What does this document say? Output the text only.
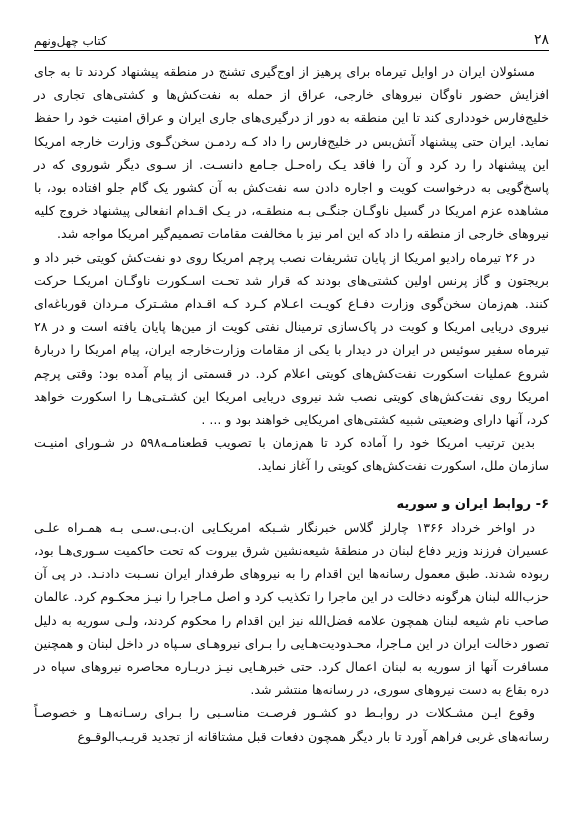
۲۸
کتاب چهل‌ونهم

مسئولان ایران در اوایل تیرماه برای پرهیز از اوج‌گیری تشنج در منطقه پیشنهاد کردند تا به جای افزایش حضور ناوگان نیروهای خارجی، عراق از حمله به نفت‌کش‌ها و کشتی‌های تجاری در خلیج‌فارس خودداری کند تا این منطقه به دور از درگیری‌های جاری ایران و عراق امنیت خود را حفظ نماید. ایران حتی پیشنهاد آتش‌بس در خلیج‌فارس را داد کـه ردمـن سخن‌گـوی وزارت خارجه امریکا این پیشنهاد را رد کرد و آن را فاقد یـک راه‌حـل جـامع دانسـت. از سـوی دیگر شوروی که در پاسخ‌گویی به درخواست کویت و اجاره دادن سه نفت‌کش به آن کشور یک گام جلو افتاده بود، با مشاهده عزم امریکا در گسیل ناوگـان جنگـی بـه منطقـه، در یـک اقـدام انفعالی پیشنهاد خروج کلیه نیروهای خارجی از منطقه را داد که این امر نیز با مخالفت مقامات تصمیم‌گیر امریکا مواجه شد.

در ۲۶ تیرماه رادیو امریکا از پایان تشریفات نصب پرچم امریکا روی دو نفت‌کش کویتی خبر داد و بریجتون و گاز پرنس اولین کشتی‌های بودند که قرار شد تحـت اسـکورت ناوگـان امریکـا حرکت کنند. هم‌زمان سخن‌گوی وزارت دفـاع کویـت اعـلام کـرد کـه اقـدام مشـترک مـردان قورباغه‌ای نیروی دریایی امریکا و کویت در پاک‌سازی ترمینال نفتی کویت از مین‌ها پایان یافته است و در ۲۸ تیرماه سفیر سوئیس در ایران در دیدار با یکی از مقامات وزارت‌خارجه ایران، پیام امریکا را دربارهٔ شروع عملیات اسکورت نفت‌کش‌های کویتی اعلام کرد. در قسمتی از پیام آمده بود: وقتی پرچم امریکا روی نفت‌کش‌های کویتی نصب شد نیروی دریایی امریکا این کشـتی‌هـا را اسکورت خواهد کرد، آنها دارای وضعیتی شبیه کشتی‌های امریکایی خواهند بود و ... .

بدین ترتیب امریکا خود را آماده کرد تا هم‌زمان با تصویب قطعنامـه۵۹۸ در شـورای امنیـت سازمان ملل، اسکورت نفت‌کش‌های کویتی را آغاز نماید.

۶- روابط ایران و سوریه

در اواخر خرداد ۱۳۶۶ چارلز گلاس خبرنگار شـبکه امریکـایی ان.بـی.سـی بـه همـراه علـی عسیران فرزند وزیر دفاع لبنان در منطقهٔ شیعه‌نشین شرق بیروت که تحت حاکمیت سـوری‌هـا بود، ربوده شدند. طبق معمول رسانه‌ها این اقدام را به نیروهای طرفدار ایران نسـبت دادنـد. در پی آن حزب‌الله لبنان هرگونه دخالت در این ماجرا را تکذیب کرد و اصل مـاجرا را نیـز محکـوم کرد. عالمان صاحب نام شیعه لبنان همچون علامه فضل‌الله نیز این اقدام را محکوم کردند، ولـی سوریه به دلیل تصور دخالت ایران در این مـاجرا، محـدودیت‌هـایی را بـرای نیروهـای سـپاه در داخل لبنان و همچنین مسافرت آنها از سوریه به لبنان اعمال کرد. حتی خبرهـایی نیـز دربـاره محاصره نیروهای سپاه در دره بقاع به دست نیروهای سوری، در رسانه‌ها منتشر شد.

وقوع ایـن مشـکلات در روابـط دو کشـور فرصـت مناسـبی را بـرای رسـانه‌هـا و خصوصـاً رسانه‌های غربی فراهم آورد تا بار دیگر همچون دفعات قبل مشتاقانه از تجدید قریـب‌الوقـوع
